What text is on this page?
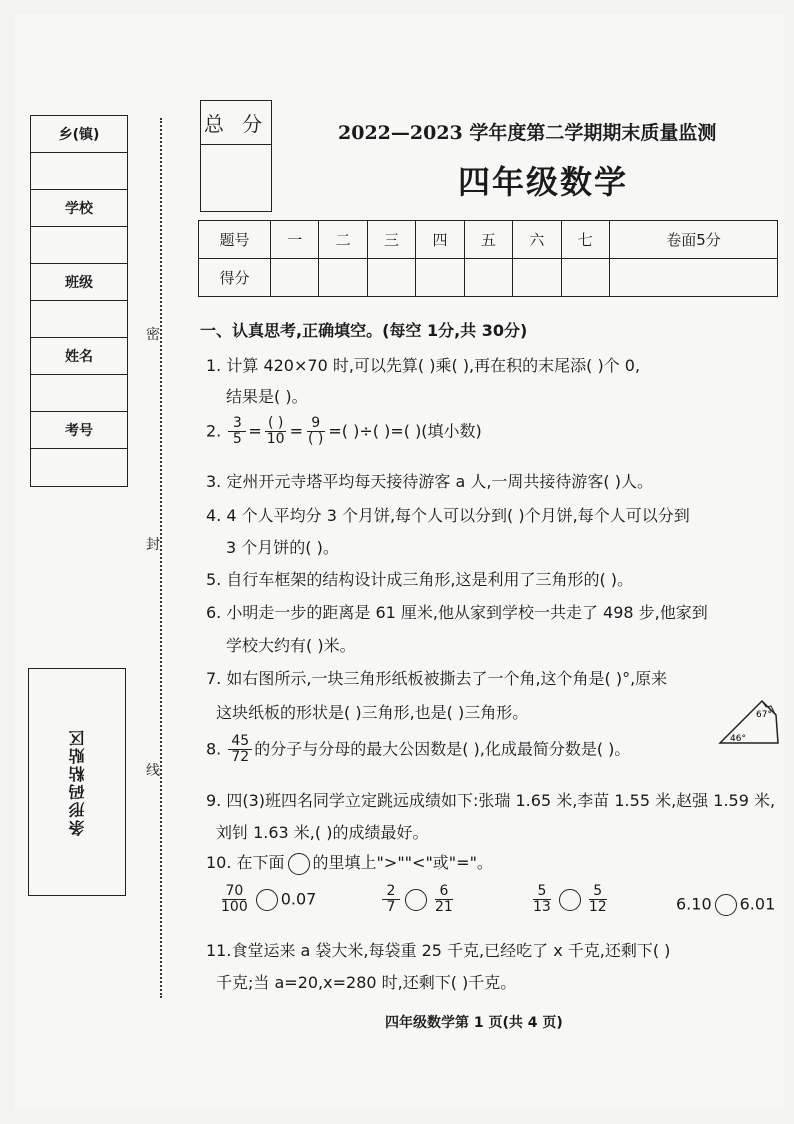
乡(镇)
学校
班级
姓名
考号
密
封
线
条形码粘贴区
总 分	2022—2023 学年度第二学期期末质量监测
四年级数学
题号	一	二	三	四	五	六	七	卷面5分
得分								
一、认真思考,正确填空。(每空 1分,共 30分)
1. 计算 420×70 时,可以先算( )乘( ),再在积的末尾添( )个 0,
结果是( )。
2. $\frac{3}{5} = \frac{( )}{10} = \frac{9}{( )}$ =( )÷( )=( )(填小数)
3. 定州开元寺塔平均每天接待游客 a 人,一周共接待游客( )人。
4. 4 个人平均分 3 个月饼,每个人可以分到( )个月饼,每个人可以分到
3 个月饼的( )。
5. 自行车框架的结构设计成三角形,这是利用了三角形的( )。
6. 小明走一步的距离是 61 厘米,他从家到学校一共走了 498 步,他家到
学校大约有( )米。
7. 如右图所示,一块三角形纸板被撕去了一个角,这个角是( )°,原来
这块纸板的形状是( )三角形,也是( )三角形。	67°
46°
8. $\frac{45}{72}$ 的分子与分母的最大公因数是( ),化成最简分数是( )。
9. 四(3)班四名同学立定跳远成绩如下:张瑞 1.65 米,李苗 1.55 米,赵强 1.59 米,
刘钊 1.63 米,( )的成绩最好。
10. 在下面 的里填上">""<"或"="。
$\frac{70}{100} 0.07$	$\frac{2}{7} \frac{6}{21}$	$\frac{5}{13} \frac{5}{12}$	6.10 6.01
11.食堂运来 a 袋大米,每袋重 25 千克,已经吃了 x 千克,还剩下( )
千克;当 a=20,x=280 时,还剩下( )千克。
四年级数学第 1 页(共 4 页)
